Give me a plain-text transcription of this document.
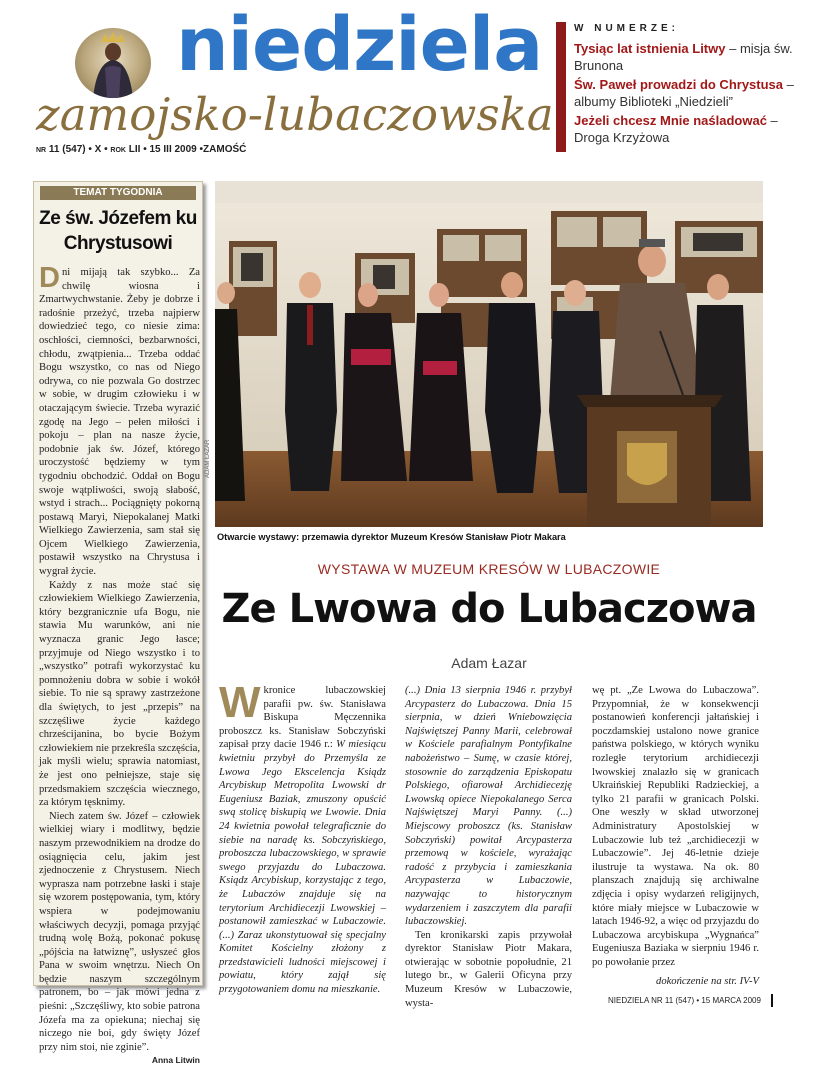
niedziela
zamojsko-lubaczowska
NR 11 (547) • X • ROK LII • 15 III 2009 •ZAMOŚĆ
W NUMERZE:
Tysiąc lat istnienia Litwy – misja św. Brunona
Św. Paweł prowadzi do Chrystusa – albumy Biblioteki „Niedzieli”
Jeżeli chcesz Mnie naśladować – Droga Krzyżowa
TEMAT TYGODNIA
Ze św. Józefem ku Chrystusowi

Dni mijają tak szybko... Za chwilę wiosna i Zmartwychwstanie. Żeby je dobrze i radośnie przeżyć, trzeba najpierw dowiedzieć tego, co niesie zima: oschłości, ciemności, bezbarwności, chłodu, zwątpienia... Trzeba oddać Bogu wszystko, co nas od Niego odrywa, co nie pozwala Go dostrzec w sobie, w drugim człowieku i w otaczającym świecie. Trzeba wyrazić zgodę na Jego – pełen miłości i pokoju – plan na nasze życie, podobnie jak św. Józef, którego uroczystość będziemy w tym tygodniu obchodzić. Oddał on Bogu swoje wątpliwości, swoją słabość, wstyd i strach... Pociągnięty pokorną postawą Maryi, Niepokalanej Matki Wielkiego Zawierzenia, sam stał się Ojcem Wielkiego Zawierzenia, postawił wszystko na Chrystusa i wygrał życie.

Każdy z nas może stać się człowiekiem Wielkiego Zawierzenia, który bezgranicznie ufa Bogu, nie stawia Mu warunków, ani nie wyznacza granic Jego łasce; przyjmuje od Niego wszystko i to „wszystko” potrafi wykorzystać ku pomnożeniu dobra w sobie i wokół siebie. To nie są sprawy zastrzeżone dla świętych, to jest „przepis” na szczęśliwe życie każdego chrześcijanina, bo bycie Bożym człowiekiem nie przekreśla szczęścia, jak myśli wielu; sprawia natomiast, że jest ono pełniejsze, staje się przedsmakiem szczęścia wiecznego, za którym tęsknimy.

Niech zatem św. Józef – człowiek wielkiej wiary i modlitwy, będzie naszym przewodnikiem na drodze do osiągnięcia celu, jakim jest zjednoczenie z Chrystusem. Niech wypraszа nam potrzebne łaski i staje się wzorem postępowania, tym, który wspiera w podejmowaniu właściwych decyzji, pomaga przyjąć trudną wolę Bożą, pokonać pokusę „pójścia na łatwiznę”, usłyszeć głos Pana w swoim wnętrzu. Niech On będzie naszym szczególnym patronem, bo – jak mówi jedna z pieśni: „Szczęśliwy, kto sobie patrona Józefa ma za opiekuna; niechaj się niczego nie boi, gdy święty Józef przy nim stoi, nie zginie”.
Anna Litwin

ADAM ŁAZAR
Otwarcie wystawy: przemawia dyrektor Muzeum Kresów Stanisław Piotr Makara
WYSTAWA W MUZEUM KRESÓW W LUBACZOWIE
Ze Lwowa do Lubaczowa
Adam Łazar

Wkronice lubaczowskiej parafii pw. św. Stanisława Biskupa Męczennika proboszcz ks. Stanisław Sobczyński zapisał przy dacie 1946 r.: W miesiącu kwietniu przybył do Przemyśla ze Lwowa Jego Ekscelencja Ksiądz Arcybiskup Metropolita Lwowski dr Eugeniusz Baziak, zmuszony opuścić swą stolicę biskupią we Lwowie. Dnia 24 kwietnia powołał telegraficznie do siebie na naradę ks. Sobczyńskiego, proboszcza lubaczowskiego, w sprawie swego przyjazdu do Lubaczowa. Ksiądz Arcybiskup, korzystając z tego, że Lubaczów znajduje się na terytorium Archidiecezji Lwowskiej – postanowił zamieszkać w Lubaczowie. (...) Zaraz ukonstytuował się specjalny Komitet Kościelny złożony z przedstawicieli ludności miejscowej i powiatu, który zajął się przygotowaniem domu na mieszkanie.

(...) Dnia 13 sierpnia 1946 r. przybył Arcypasterz do Lubaczowa. Dnia 15 sierpnia, w dzień Wniebowzięcia Najświętszej Panny Marii, celebrował w Kościele parafialnym Pontyfikalne nabożeństwo – Sumę, w czasie której, stosownie do zarządzenia Episkopatu Polskiego, ofiarował Archidiecezję Lwowską opiece Niepokalanego Serca Najświętszej Maryi Panny. (...) Miejscowy proboszcz (ks. Stanisław Sobczyński) powitał Arcypasterza przemową w kościele, wyrażając radość z przybycia i zamieszkania Arcypasterza w Lubaczowie, nazywając to historycznym wydarzeniem i zaszczytem dla parafii lubaczowskiej.

Ten kronikarski zapis przywołał dyrektor Stanisław Piotr Makara, otwierając w sobotnie popołudnie, 21 lutego br., w Galerii Oficyna przy Muzeum Kresów w Lubaczowie, wysta-

wę pt. „Ze Lwowa do Lubaczowa”. Przypomniał, że w konsekwencji postanowień konferencji jałtańskiej i poczdamskiej ustalono nowe granice państwa polskiego, w których wyniku rozległe terytorium archidiecezji lwowskiej znalazło się w granicach Ukraińskiej Republiki Radzieckiej, a tylko 21 parafii w granicach Polski. One weszły w skład utworzonej Administratury Apostolskiej w Lubaczowie lub też „archidiecezji w Lubaczowie”. Jej 46-letnie dzieje ilustruje ta wystawa. Na ok. 80 planszach znajdują się archiwalne zdjęcia i opisy wydarzeń religijnych, które miały miejsce w Lubaczowie w latach 1946-92, a więc od przyjazdu do Lubaczowa arcybiskupa „Wygnańca” Eugeniusza Baziaka w sierpniu 1946 r. po powołanie przez

dokończenie na str. IV-V
NIEDZIELA NR 11 (547) • 15 MARCA 2009
